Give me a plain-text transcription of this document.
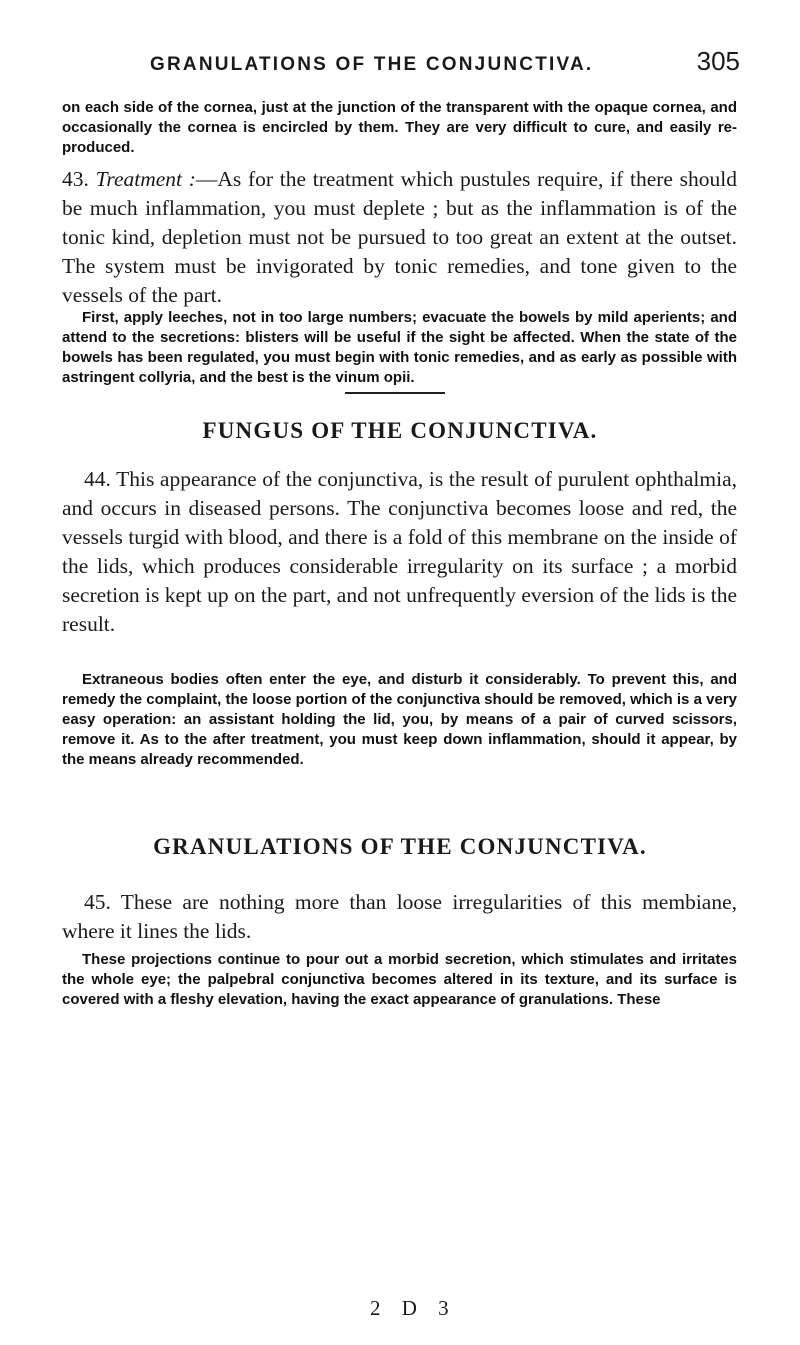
GRANULATIONS OF THE CONJUNCTIVA.	305

on each side of the cornea, just at the junction of the transparent with the opaque cornea, and occasionally the cornea is encircled by them. They are very difficult to cure, and easily re-produced.

43. Treatment :—As for the treatment which pustules require, if there should be much inflammation, you must deplete ; but as the inflammation is of the tonic kind, depletion must not be pursued to too great an extent at the outset. The system must be invigorated by tonic remedies, and tone given to the vessels of the part.

First, apply leeches, not in too large numbers; evacuate the bowels by mild aperients; and attend to the secretions: blisters will be useful if the sight be affected. When the state of the bowels has been regulated, you must begin with tonic remedies, and as early as possible with astringent collyria, and the best is the vinum opii.

FUNGUS OF THE CONJUNCTIVA.

44. This appearance of the conjunctiva, is the result of purulent ophthalmia, and occurs in diseased persons. The conjunctiva becomes loose and red, the vessels turgid with blood, and there is a fold of this membrane on the inside of the lids, which produces considerable irregularity on its surface ; a morbid secretion is kept up on the part, and not unfrequently eversion of the lids is the result.

Extraneous bodies often enter the eye, and disturb it considerably. To prevent this, and remedy the complaint, the loose portion of the conjunctiva should be removed, which is a very easy operation: an assistant holding the lid, you, by means of a pair of curved scissors, remove it. As to the after treatment, you must keep down inflammation, should it appear, by the means already recommended.

GRANULATIONS OF THE CONJUNCTIVA.

45. These are nothing more than loose irregularities of this membiane, where it lines the lids.

These projections continue to pour out a morbid secretion, which stimulates and irritates the whole eye; the palpebral conjunctiva becomes altered in its texture, and its surface is covered with a fleshy elevation, having the exact appearance of granulations. These

2 D 3
